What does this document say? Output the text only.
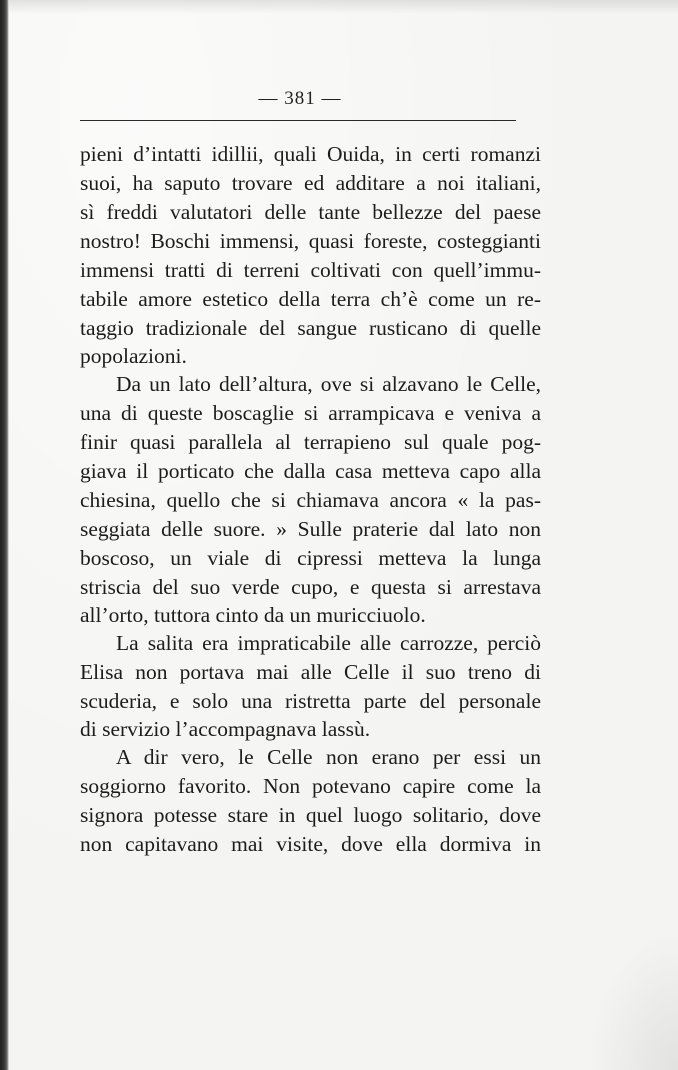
— 381 —
pieni d’intatti idillii, quali Ouida, in certi romanzi
suoi, ha saputo trovare ed additare a noi italiani,
sì freddi valutatori delle tante bellezze del paese
nostro! Boschi immensi, quasi foreste, costeggianti
immensi tratti di terreni coltivati con quell’immu-
tabile amore estetico della terra ch’è come un re-
taggio tradizionale del sangue rusticano di quelle
popolazioni.
Da un lato dell’altura, ove si alzavano le Celle,
una di queste boscaglie si arrampicava e veniva a
finir quasi parallela al terrapieno sul quale pog-
giava il porticato che dalla casa metteva capo alla
chiesina, quello che si chiamava ancora « la pas-
seggiata delle suore. » Sulle praterie dal lato non
boscoso, un viale di cipressi metteva la lunga
striscia del suo verde cupo, e questa si arrestava
all’orto, tuttora cinto da un muricciuolo.
La salita era impraticabile alle carrozze, perciò
Elisa non portava mai alle Celle il suo treno di
scuderia, e solo una ristretta parte del personale
di servizio l’accompagnava lassù.
A dir vero, le Celle non erano per essi un
soggiorno favorito. Non potevano capire come la
signora potesse stare in quel luogo solitario, dove
non capitavano mai visite, dove ella dormiva in
